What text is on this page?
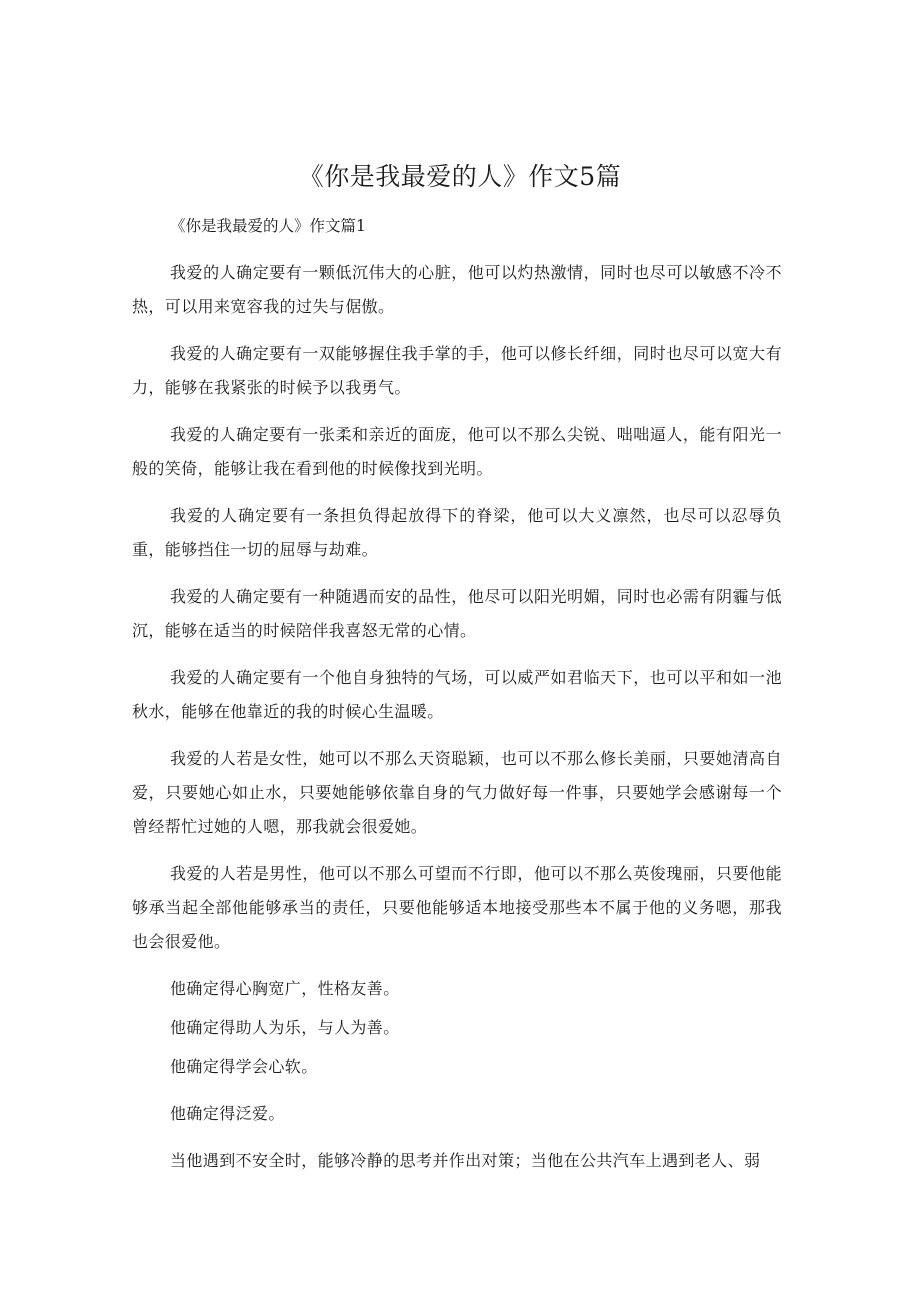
《你是我最爱的人》作文5篇

《你是我最爱的人》作文篇1

我爱的人确定要有一颗低沉伟大的心脏，他可以灼热激情，同时也尽可以敏感不冷不热，可以用来宽容我的过失与倨傲。

我爱的人确定要有一双能够握住我手掌的手，他可以修长纤细，同时也尽可以宽大有力，能够在我紧张的时候予以我勇气。

我爱的人确定要有一张柔和亲近的面庞，他可以不那么尖锐、咄咄逼人，能有阳光一般的笑倚，能够让我在看到他的时候像找到光明。

我爱的人确定要有一条担负得起放得下的脊梁，他可以大义凛然，也尽可以忍辱负重，能够挡住一切的屈辱与劫难。

我爱的人确定要有一种随遇而安的品性，他尽可以阳光明媚，同时也必需有阴霾与低沉，能够在适当的时候陪伴我喜怒无常的心情。

我爱的人确定要有一个他自身独特的气场，可以威严如君临天下，也可以平和如一池秋水，能够在他靠近的我的时候心生温暖。

我爱的人若是女性，她可以不那么天资聪颖，也可以不那么修长美丽，只要她清高自爱，只要她心如止水，只要她能够依靠自身的气力做好每一件事，只要她学会感谢每一个曾经帮忙过她的人嗯，那我就会很爱她。

我爱的人若是男性，他可以不那么可望而不行即，他可以不那么英俊瑰丽，只要他能够承当起全部他能够承当的责任，只要他能够适本地接受那些本不属于他的义务嗯，那我也会很爱他。

他确定得心胸宽广，性格友善。

他确定得助人为乐，与人为善。

他确定得学会心软。

他确定得泛爱。

当他遇到不安全时，能够冷静的思考并作出对策；当他在公共汽车上遇到老人、弱
